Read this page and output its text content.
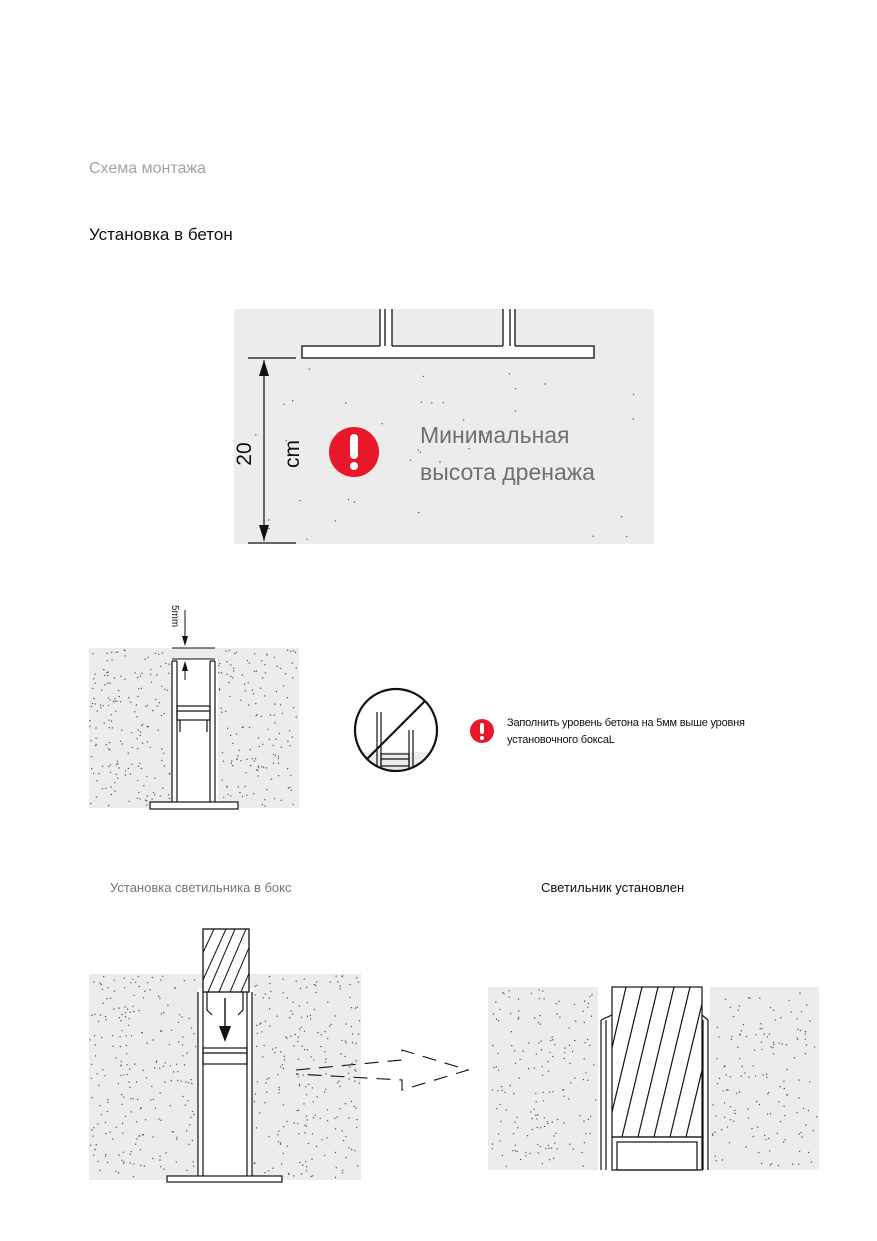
Схема монтажа
Установка в бетон
20 cm
Минимальная
высота дренажа
5mm
Заполнить уровень бетона на 5мм выше уровня установочного боксаL
Установка светильника в бокс	Светильник установлен
